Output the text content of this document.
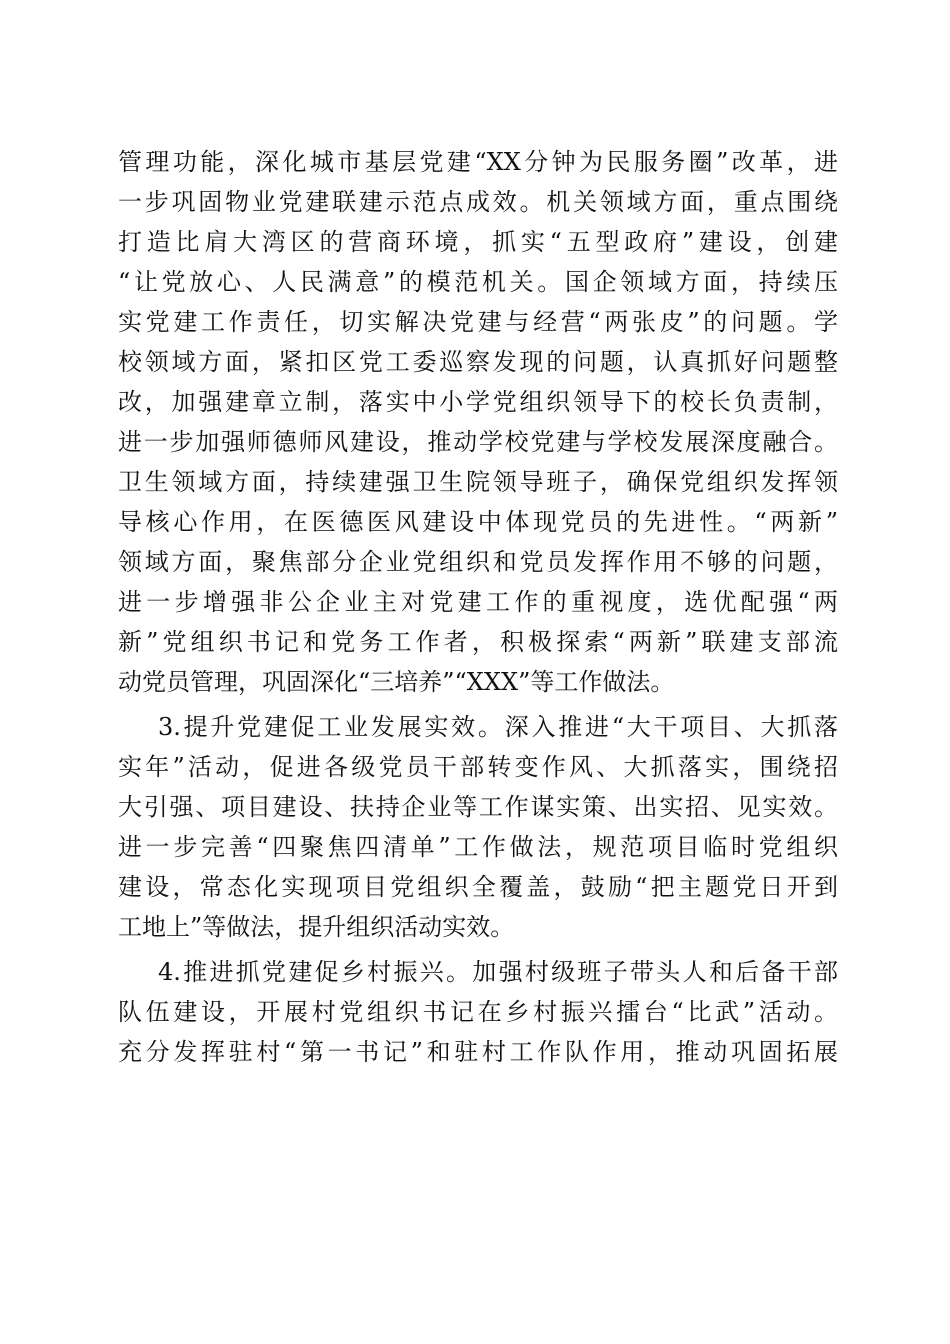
管理功能，深化城市基层党建“XX分钟为民服务圈”改革，进
一步巩固物业党建联建示范点成效。机关领域方面，重点围绕
打造比肩大湾区的营商环境，抓实“五型政府”建设，创建
“让党放心、人民满意”的模范机关。国企领域方面，持续压
实党建工作责任，切实解决党建与经营“两张皮”的问题。学
校领域方面，紧扣区党工委巡察发现的问题，认真抓好问题整
改，加强建章立制，落实中小学党组织领导下的校长负责制，
进一步加强师德师风建设，推动学校党建与学校发展深度融合。
卫生领域方面，持续建强卫生院领导班子，确保党组织发挥领
导核心作用，在医德医风建设中体现党员的先进性。“两新”
领域方面，聚焦部分企业党组织和党员发挥作用不够的问题，
进一步增强非公企业主对党建工作的重视度，选优配强“两
新”党组织书记和党务工作者，积极探索“两新”联建支部流
动党员管理，巩固深化“三培养”“XXX”等工作做法。
3.提升党建促工业发展实效。深入推进“大干项目、大抓落
实年”活动，促进各级党员干部转变作风、大抓落实，围绕招
大引强、项目建设、扶持企业等工作谋实策、出实招、见实效。
进一步完善“四聚焦四清单”工作做法，规范项目临时党组织
建设，常态化实现项目党组织全覆盖，鼓励“把主题党日开到
工地上”等做法，提升组织活动实效。
4.推进抓党建促乡村振兴。加强村级班子带头人和后备干部
队伍建设，开展村党组织书记在乡村振兴擂台“比武”活动。
充分发挥驻村“第一书记”和驻村工作队作用，推动巩固拓展
